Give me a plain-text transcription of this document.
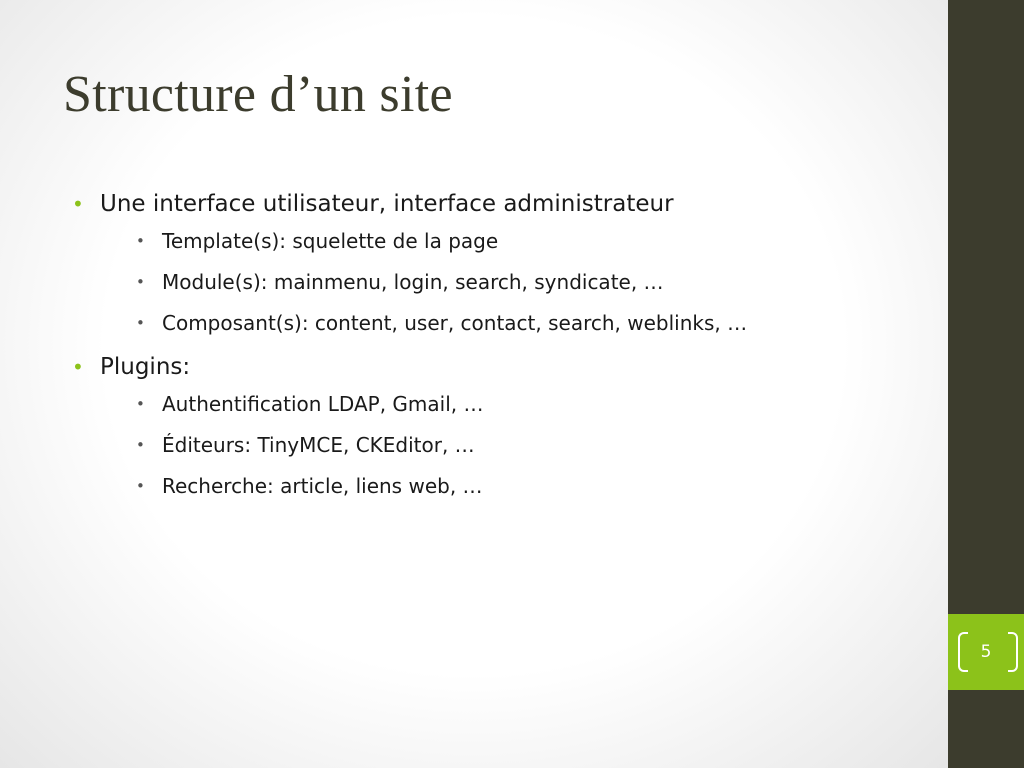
Structure d’un site
• Une interface utilisateur, interface administrateur
• Template(s): squelette de la page
• Module(s): mainmenu, login, search, syndicate, …
• Composant(s): content, user, contact, search, weblinks, …
• Plugins:
• Authentification LDAP, Gmail, …
• Éditeurs: TinyMCE, CKEditor, …
• Recherche: article, liens web, …
5
